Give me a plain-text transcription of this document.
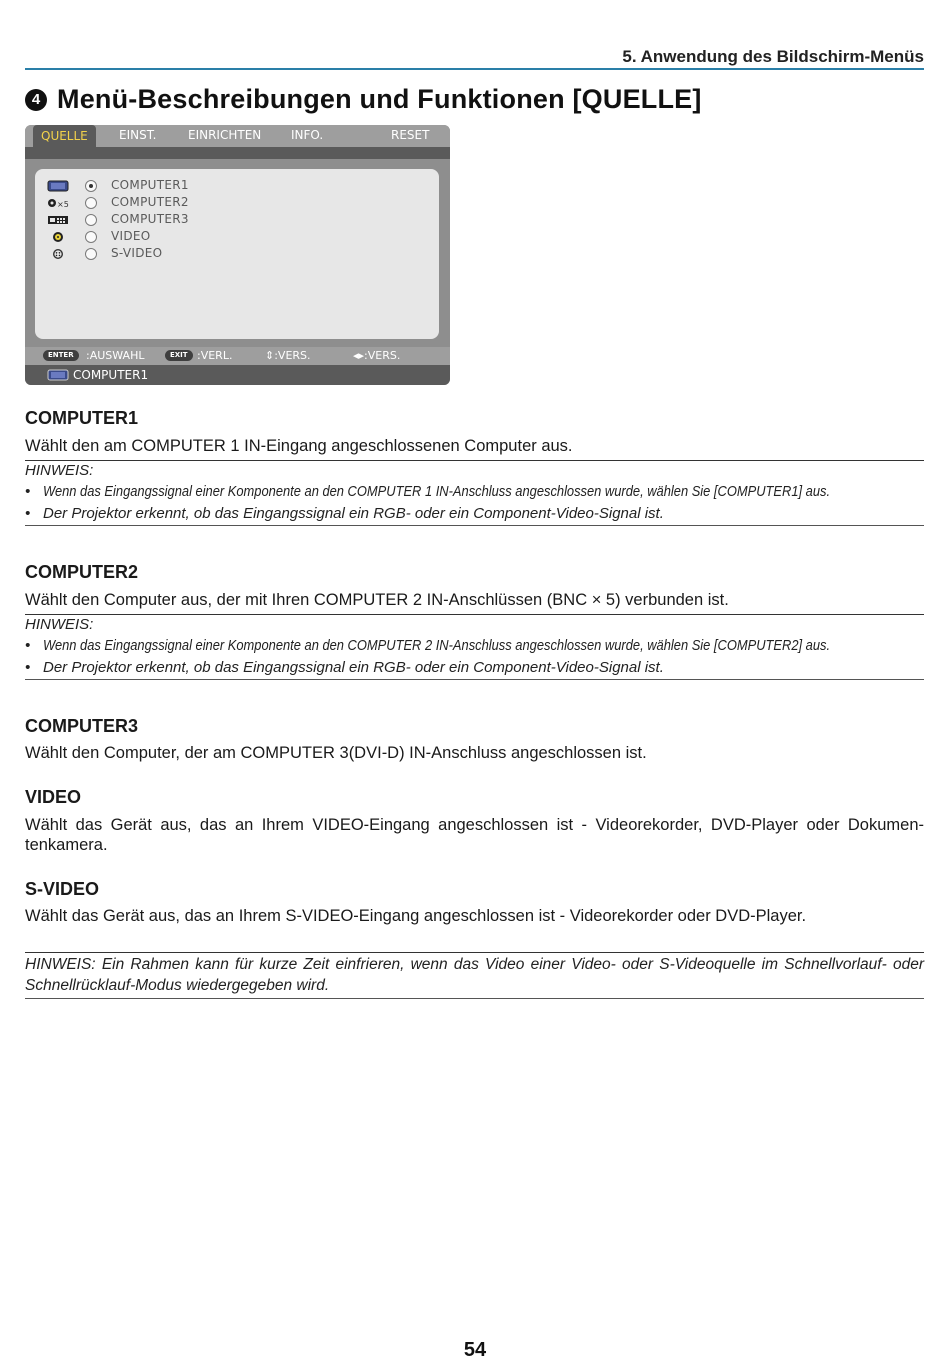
5. Anwendung des Bildschirm-Menüs
4 Menü-Beschreibungen und Funktionen [QUELLE]
QUELLE	EINST.	EINRICHTEN INFO.	RESET
COMPUTER1
×5	COMPUTER2
COMPUTER3
VIDEO
S-VIDEO
ENTER	:AUSWAHL	EXIT :VERL.	⇕:VERS.	◂▸:VERS.
COMPUTER1
COMPUTER1
Wählt den am COMPUTER 1 IN-Eingang angeschlossenen Computer aus.
HINWEIS:
• Wenn das Eingangssignal einer Komponente an den COMPUTER 1 IN-Anschluss angeschlossen wurde, wählen Sie [COMPUTER1] aus.
• Der Projektor erkennt, ob das Eingangssignal ein RGB- oder ein Component-Video-Signal ist.
COMPUTER2
Wählt den Computer aus, der mit Ihren COMPUTER 2 IN-Anschlüssen (BNC × 5) verbunden ist.
HINWEIS:
• Wenn das Eingangssignal einer Komponente an den COMPUTER 2 IN-Anschluss angeschlossen wurde, wählen Sie [COMPUTER2] aus.
• Der Projektor erkennt, ob das Eingangssignal ein RGB- oder ein Component-Video-Signal ist.
COMPUTER3
Wählt den Computer, der am COMPUTER 3(DVI-D) IN-Anschluss angeschlossen ist.
VIDEO
Wählt das Gerät aus, das an Ihrem VIDEO-Eingang angeschlossen ist - Videorekorder, DVD-Player oder Dokumen-tenkamera.
S-VIDEO
Wählt das Gerät aus, das an Ihrem S-VIDEO-Eingang angeschlossen ist - Videorekorder oder DVD-Player.
HINWEIS: Ein Rahmen kann für kurze Zeit einfrieren, wenn das Video einer Video- oder S-Videoquelle im Schnellvorlauf- oder Schnellrücklauf-Modus wiedergegeben wird.
54
